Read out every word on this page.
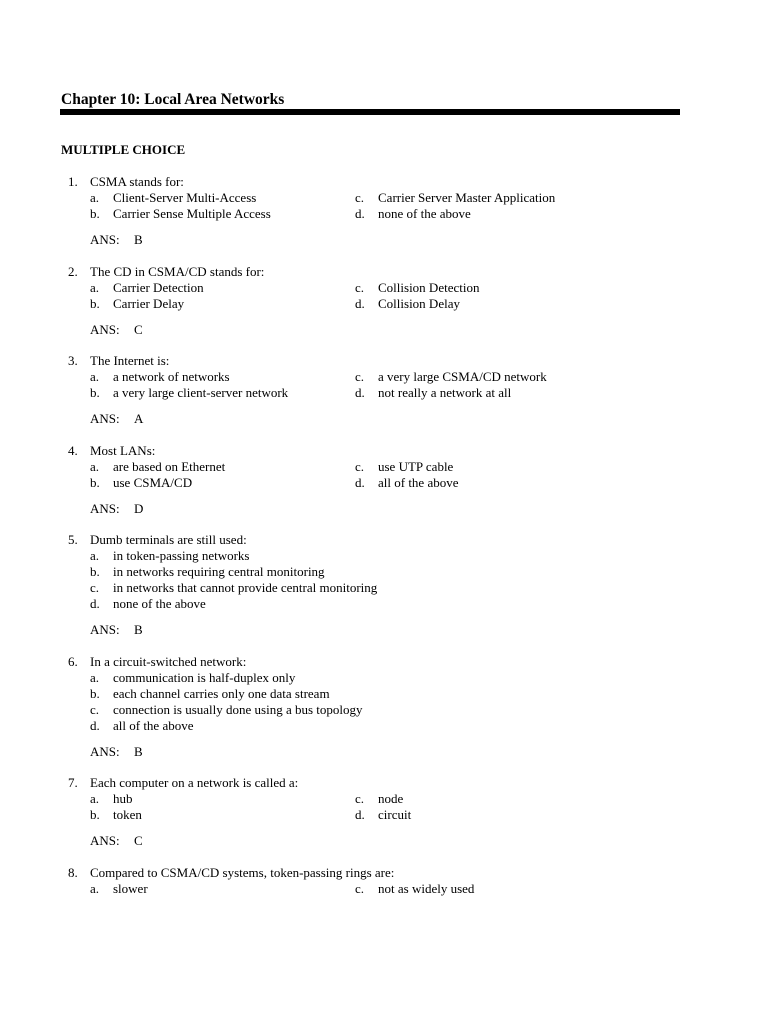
Chapter 10: Local Area Networks
MULTIPLE CHOICE
1. CSMA stands for:
a. Client-Server Multi-Access	c. Carrier Server Master Application
b. Carrier Sense Multiple Access	d. none of the above
ANS: B
2. The CD in CSMA/CD stands for:
a. Carrier Detection	c. Collision Detection
b. Carrier Delay	d. Collision Delay
ANS: C
3. The Internet is:
a. a network of networks	c. a very large CSMA/CD network
b. a very large client-server network	d. not really a network at all
ANS: A
4. Most LANs:
a. are based on Ethernet	c. use UTP cable
b. use CSMA/CD	d. all of the above
ANS: D
5. Dumb terminals are still used:
a. in token-passing networks
b. in networks requiring central monitoring
c. in networks that cannot provide central monitoring
d. none of the above
ANS: B
6. In a circuit-switched network:
a. communication is half-duplex only
b. each channel carries only one data stream
c. connection is usually done using a bus topology
d. all of the above
ANS: B
7. Each computer on a network is called a:
a. hub	c. node
b. token	d. circuit
ANS: C
8. Compared to CSMA/CD systems, token-passing rings are:
a. slower	c. not as widely used
